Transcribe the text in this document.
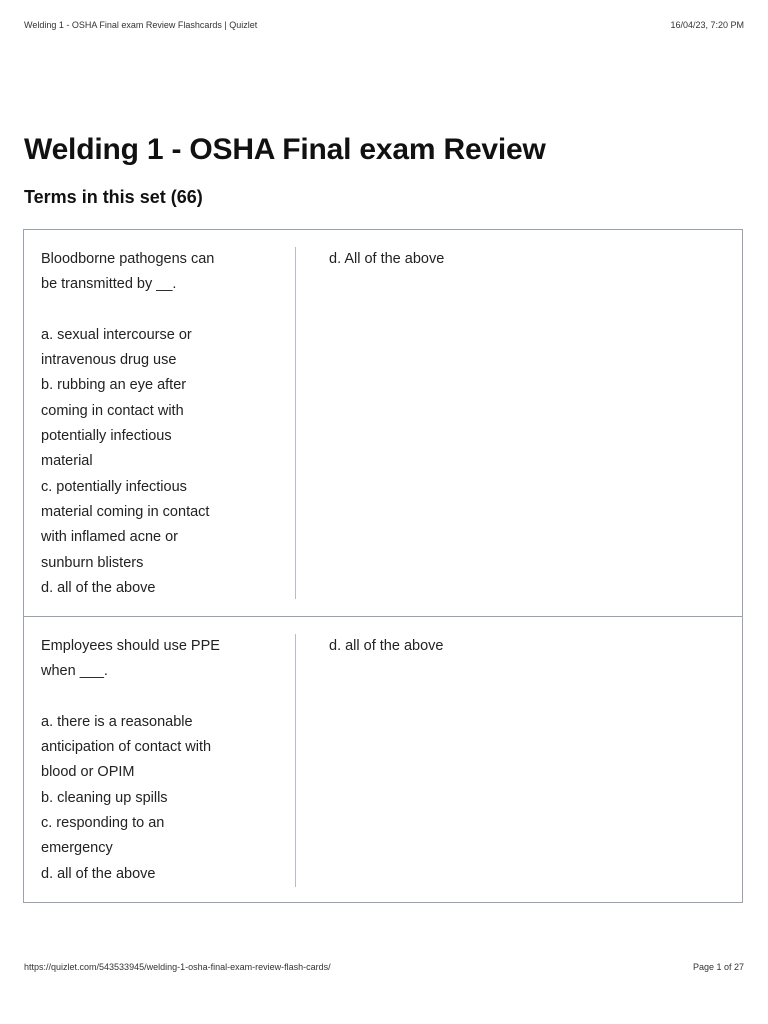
Welding 1 - OSHA Final exam Review Flashcards | Quizlet	16/04/23, 7:20 PM
Welding 1 - OSHA Final exam Review
Terms in this set (66)
Bloodborne pathogens can
be transmitted by __.

a. sexual intercourse or
intravenous drug use
b. rubbing an eye after
coming in contact with
potentially infectious
material
c. potentially infectious
material coming in contact
with inflamed acne or
sunburn blisters
d. all of the above
d. All of the above
Employees should use PPE
when ___.

a. there is a reasonable
anticipation of contact with
blood or OPIM
b. cleaning up spills
c. responding to an
emergency
d. all of the above
d. all of the above
https://quizlet.com/543533945/welding-1-osha-final-exam-review-flash-cards/	Page 1 of 27
